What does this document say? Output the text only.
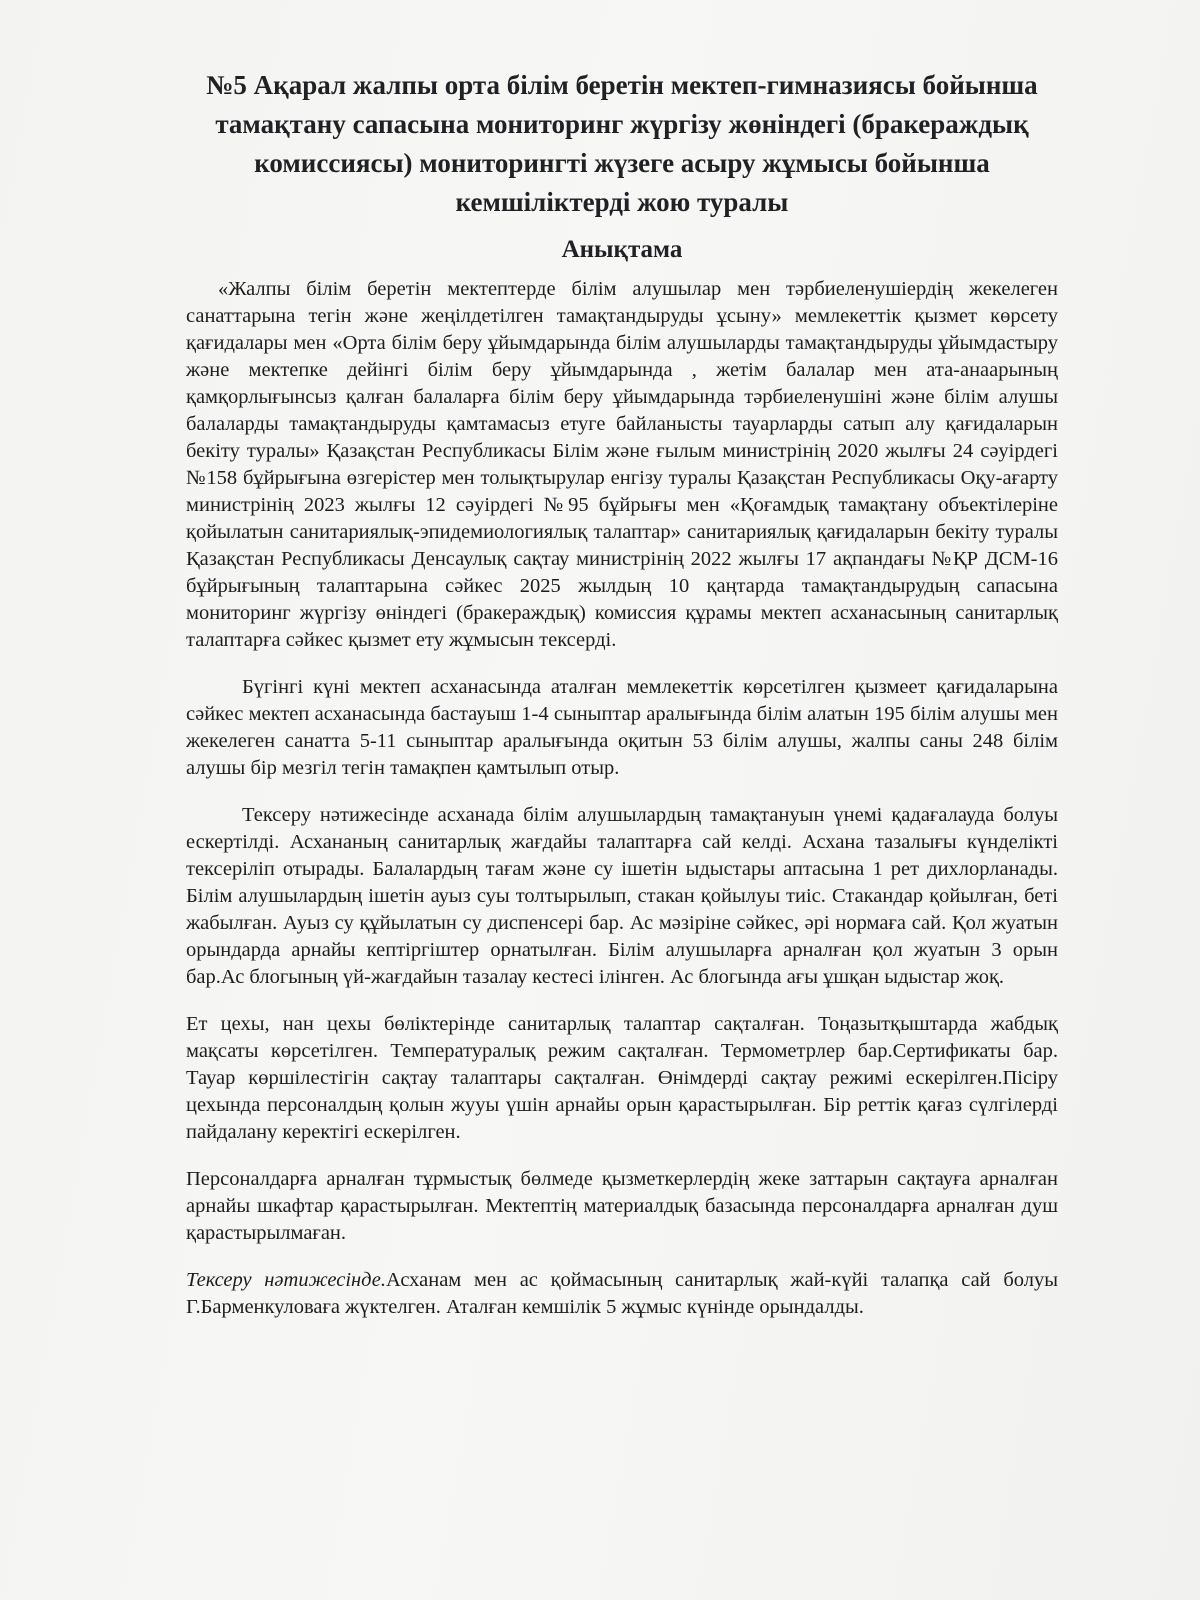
№5 Ақарал жалпы орта білім беретін мектеп-гимназиясы бойынша тамақтану сапасына мониторинг жүргізу жөніндегі (бракераждық комиссиясы) мониторингті жүзеге асыру жұмысы бойынша кемшіліктерді жою туралы
Анықтама

«Жалпы білім беретін мектептерде білім алушылар мен тәрбиеленушіердің жекелеген санаттарына тегін және жеңілдетілген тамақтандыруды ұсыну» мемлекеттік қызмет көрсету қағидалары мен «Орта білім беру ұйымдарында білім алушыларды тамақтандыруды ұйымдастыру және мектепке дейінгі білім беру ұйымдарында , жетім балалар мен ата-анаарының қамқорлығынсыз қалған балаларға білім беру ұйымдарында тәрбиеленушіні және білім алушы балаларды тамақтандыруды қамтамасыз етуге байланысты тауарларды сатып алу қағидаларын бекіту туралы» Қазақстан Республикасы Білім және ғылым министрінің 2020 жылғы 24 сәуірдегі №158 бұйрығына өзгерістер мен толықтырулар енгізу туралы Қазақстан Республикасы Оқу-ағарту министрінің 2023 жылғы 12 сәуірдегі №95 бұйрығы мен «Қоғамдық тамақтану объектілеріне қойылатын санитариялық-эпидемиологиялық талаптар» санитариялық қағидаларын бекіту туралы Қазақстан Республикасы Денсаулық сақтау министрінің 2022 жылғы 17 ақпандағы №ҚР ДСМ-16 бұйрығының талаптарына сәйкес 2025 жылдың 10 қаңтарда тамақтандырудың сапасына мониторинг жүргізу өніндегі (бракераждық) комиссия құрамы мектеп асханасының санитарлық талаптарға сәйкес қызмет ету жұмысын тексерді.

Бүгінгі күні мектеп асханасында аталған мемлекеттік көрсетілген қызмеет қағидаларына сәйкес мектеп асханасында бастауыш 1-4 сыныптар аралығында білім алатын 195 білім алушы мен жекелеген санатта 5-11 сыныптар аралығында оқитын 53 білім алушы, жалпы саны 248 білім алушы бір мезгіл тегін тамақпен қамтылып отыр.

Тексеру нәтижесінде асханада білім алушылардың тамақтануын үнемі қадағалауда болуы ескертілді. Асхананың санитарлық жағдайы талаптарға сай келді. Асхана тазалығы күнделікті тексеріліп отырады. Балалардың тағам және су ішетін ыдыстары аптасына 1 рет дихлорланады. Білім алушылардың ішетін ауыз суы толтырылып, стакан қойылуы тиіс. Стакандар қойылған, беті жабылған. Ауыз су құйылатын су диспенсері бар. Ас мәзіріне сәйкес, әрі нормаға сай. Қол жуатын орындарда арнайы кептіргіштер орнатылған. Білім алушыларға арналған қол жуатын 3 орын бар.Ас блогының үй-жағдайын тазалау кестесі ілінген. Ас блогында ағы ұшқан ыдыстар жоқ.

Ет цехы, нан цехы бөліктерінде санитарлық талаптар сақталған. Тоңазытқыштарда жабдық мақсаты көрсетілген. Температуралық режим сақталған. Термометрлер бар.Сертификаты бар. Тауар көршілестігін сақтау талаптары сақталған. Өнімдерді сақтау режимі ескерілген.Пісіру цехында персоналдың қолын жууы үшін арнайы орын қарастырылған. Бір реттік қағаз сүлгілерді пайдалану керектігі ескерілген.

Персоналдарға арналған тұрмыстық бөлмеде қызметкерлердің жеке заттарын сақтауға арналған арнайы шкафтар қарастырылған. Мектептің материалдық базасында персоналдарға арналған душ қарастырылмаған.

Тексеру нәтижесінде.Асханам мен ас қоймасының санитарлық жай-күйі талапқа сай болуы Г.Барменкуловаға жүктелген. Аталған кемшілік 5 жұмыс күнінде орындалды.
